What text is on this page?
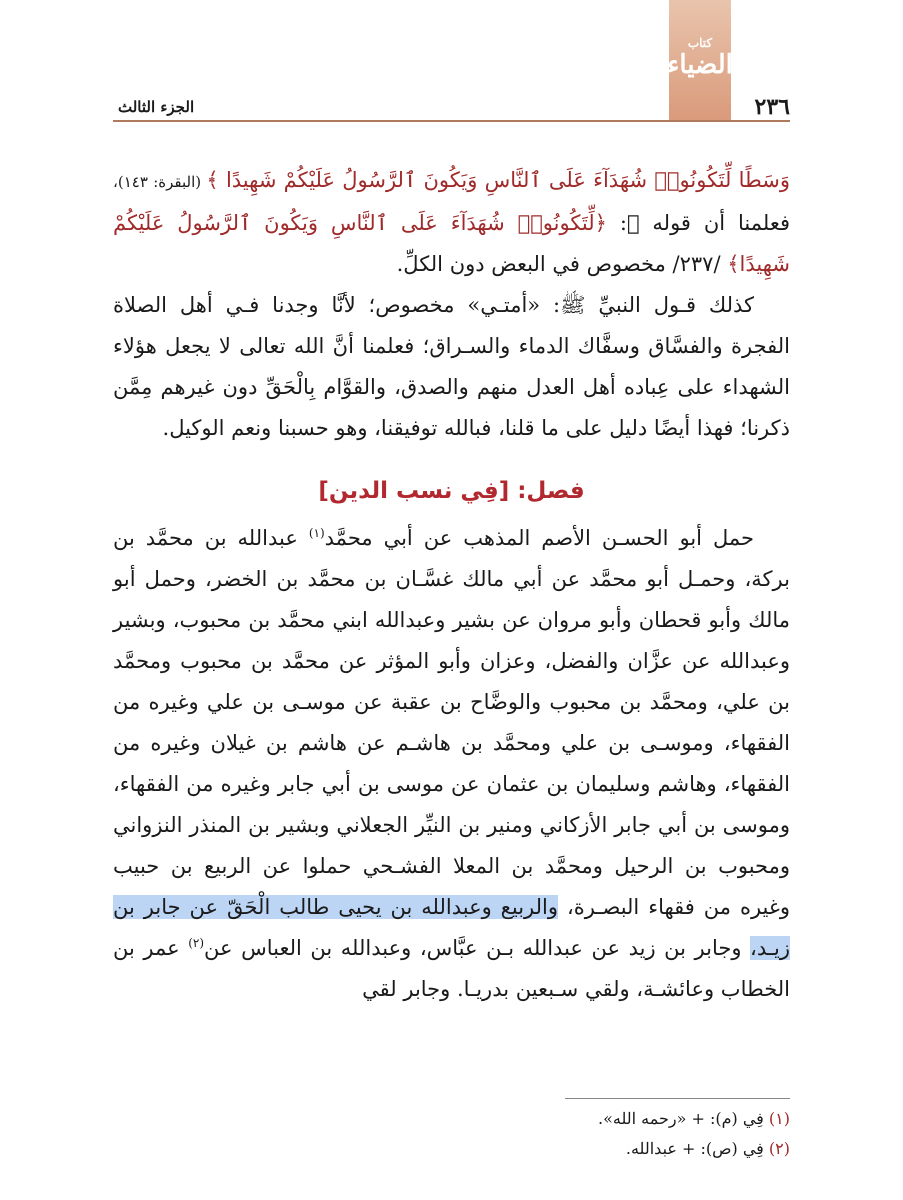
كتاب
الضياء
٢٣٦
الجزء الثالث

وَسَطًا لِّتَكُونُوا۟ شُهَدَآءَ عَلَى ٱلنَّاسِ وَيَكُونَ ٱلرَّسُولُ عَلَيْكُمْ شَهِيدًا ﴾ (البقرة: ١٤٣)، فعلمنا أن قوله ﷻ: ﴿لِّتَكُونُوا۟ شُهَدَآءَ عَلَى ٱلنَّاسِ وَيَكُونَ ٱلرَّسُولُ عَلَيْكُمْ شَهِيدًا﴾ /٢٣٧/ مخصوص في البعض دون الكلِّ.

كذلك قـول النبيِّ ﷺ: «أمتـي» مخصوص؛ لأنَّا وجدنا فـي أهل الصلاة الفجرة والفسَّاق وسفَّاك الدماء والسـراق؛ فعلمنا أنَّ الله تعالى لا يجعل هؤلاء الشهداء على عِباده أهل العدل منهم والصدق، والقوَّام بِالْحَقِّ دون غيرهم مِمَّن ذكرنا؛ فهذا أيضًا دليل على ما قلنا، فبالله توفيقنا، وهو حسبنا ونعم الوكيل.

فصل: [فِي نسب الدين]

حمل أبو الحسـن الأصم المذهب عن أبي محمَّد$^{(١)}$ عبدالله بن محمَّد بن بركة، وحمـل أبو محمَّد عن أبي مالك غسَّـان بن محمَّد بن الخضر، وحمل أبو مالك وأبو قحطان وأبو مروان عن بشير وعبدالله ابني محمَّد بن محبوب، وبشير وعبدالله عن عزَّان والفضل، وعزان وأبو المؤثر عن محمَّد بن محبوب ومحمَّد بن علي، ومحمَّد بن محبوب والوضَّاح بن عقبة عن موسـى بن علي وغيره من الفقهاء، وموسـى بن علي ومحمَّد بن هاشـم عن هاشم بن غيلان وغيره من الفقهاء، وهاشم وسليمان بن عثمان عن موسى بن أبي جابر وغيره من الفقهاء، وموسى بن أبي جابر الأزكاني ومنير بن النيِّر الجعلاني وبشير بن المنذر النزواني ومحبوب بن الرحيل ومحمَّد بن المعلا الفشـحي حملوا عن الربيع بن حبيب وغيره من فقهاء البصـرة، والربيع وعبدالله بن يحيى طالب الْحَقّ عن جابر بن زيـد، وجابر بن زيد عن عبدالله بـن عبَّاس، وعبدالله بن العباس عن$^{(٢)}$ عمر بن الخطاب وعائشـة، ولقي سـبعين بدريـا. وجابر لقي

(١) فِي (م): + «رحمه الله».

(٢) فِي (ص): + عبدالله.
